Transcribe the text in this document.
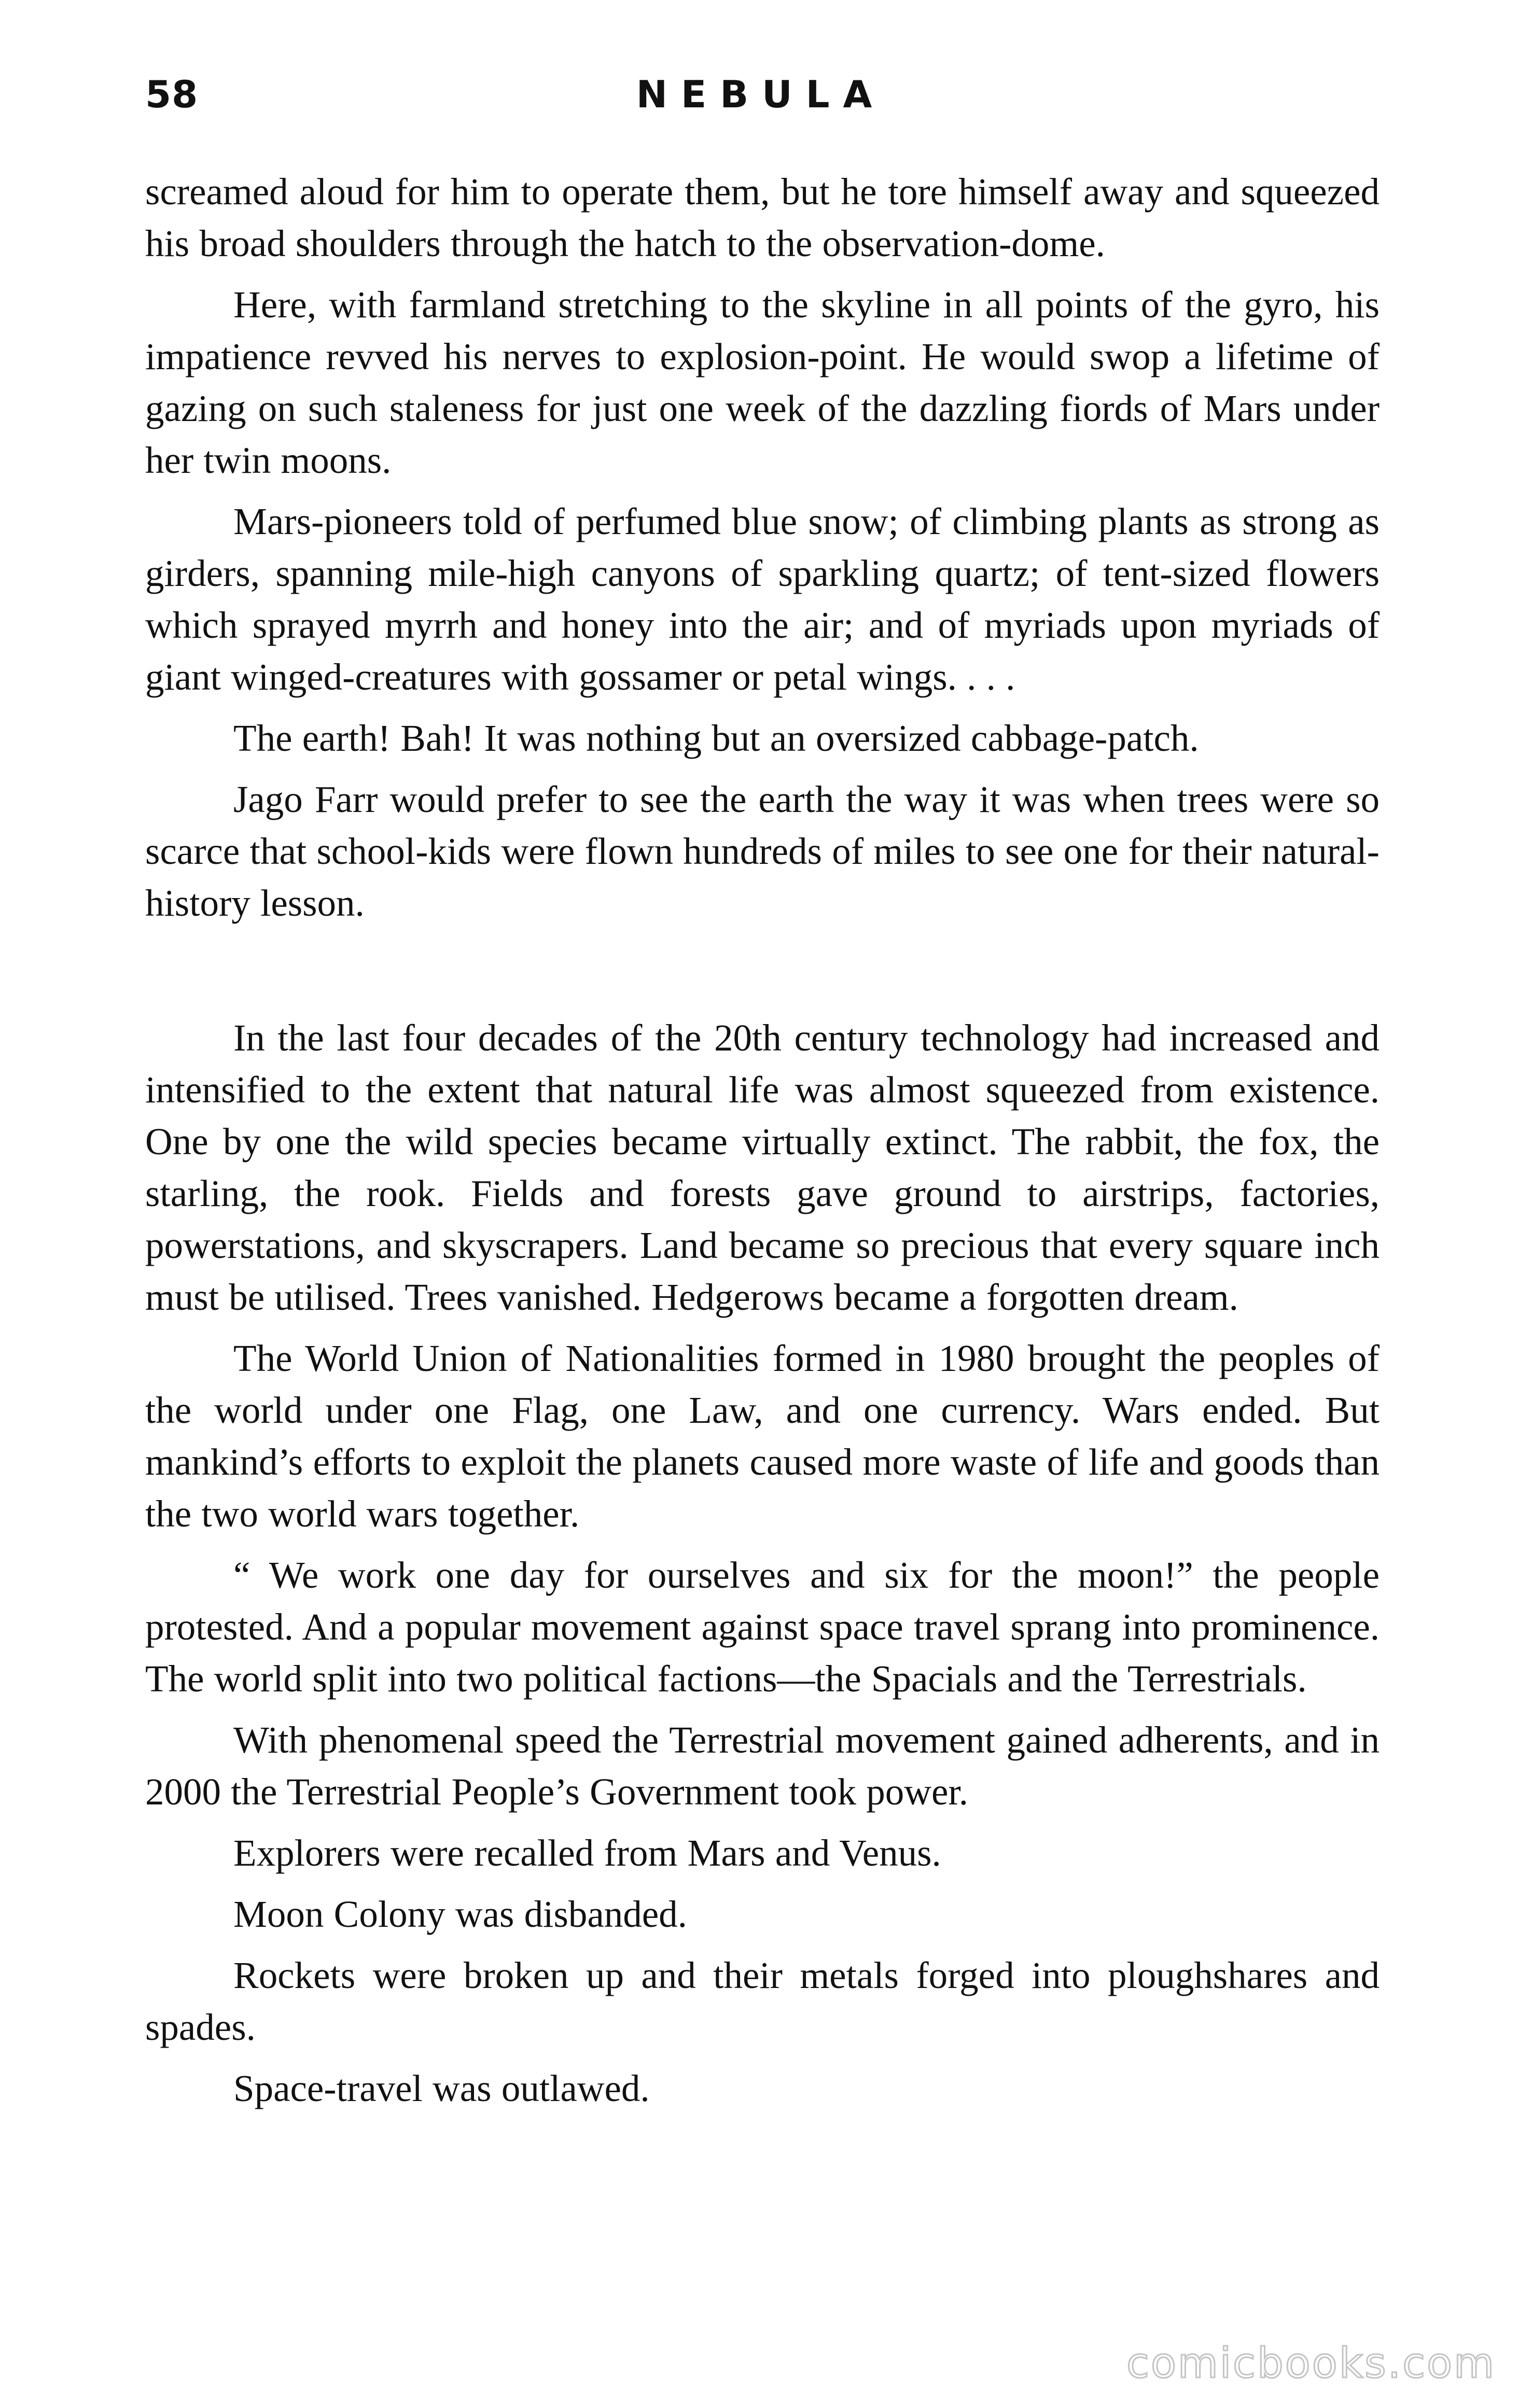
58	NEBULA

screamed aloud for him to operate them, but he tore himself away and squeezed his broad shoulders through the hatch to the observation-dome.

Here, with farmland stretching to the skyline in all points of the gyro, his impatience revved his nerves to explosion-point. He would swop a lifetime of gazing on such staleness for just one week of the dazzling fiords of Mars under her twin moons.

Mars-pioneers told of perfumed blue snow; of climbing plants as strong as girders, spanning mile-high canyons of sparkling quartz; of tent-sized flowers which sprayed myrrh and honey into the air; and of myriads upon myriads of giant winged-creatures with gossamer or petal wings. . . .

The earth! Bah! It was nothing but an oversized cabbage-patch.

Jago Farr would prefer to see the earth the way it was when trees were so scarce that school-kids were flown hundreds of miles to see one for their natural-history lesson.

In the last four decades of the 20th century technology had increased and intensified to the extent that natural life was almost squeezed from existence. One by one the wild species became virtually extinct. The rabbit, the fox, the starling, the rook. Fields and forests gave ground to airstrips, factories, powerstations, and skyscrapers. Land became so precious that every square inch must be utilised. Trees vanished. Hedgerows became a forgotten dream.

The World Union of Nationalities formed in 1980 brought the peoples of the world under one Flag, one Law, and one currency. Wars ended. But mankind’s efforts to exploit the planets caused more waste of life and goods than the two world wars together.

“ We work one day for ourselves and six for the moon!” the people protested. And a popular movement against space travel sprang into prominence. The world split into two political factions—the Spacials and the Terrestrials.

With phenomenal speed the Terrestrial movement gained adherents, and in 2000 the Terrestrial People’s Government took power.

Explorers were recalled from Mars and Venus.

Moon Colony was disbanded.

Rockets were broken up and their metals forged into ploughshares and spades.

Space-travel was outlawed.

comicbooks.com
